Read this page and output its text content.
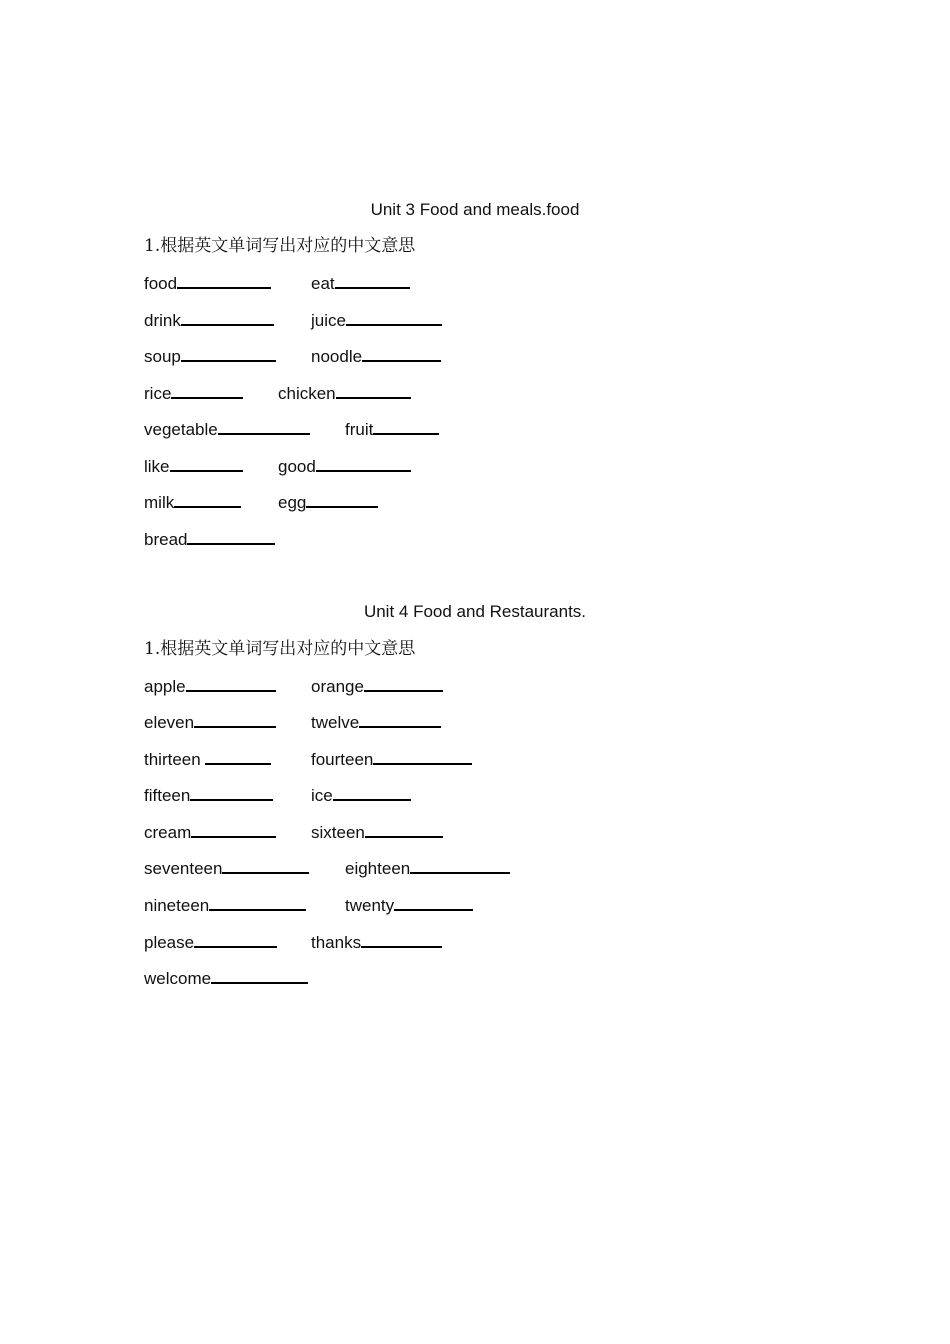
Unit 3 Food and meals.food
1.根据英文单词写出对应的中文意思
food	eat
drink	juice
soup	noodle
rice	chicken
vegetable	fruit
like	good
milk	egg
bread
Unit 4 Food and Restaurants.
1.根据英文单词写出对应的中文意思
apple	orange
eleven	twelve
thirteen	fourteen
fifteen	ice
cream	sixteen
seventeen	eighteen
nineteen	twenty
please	thanks
welcome
